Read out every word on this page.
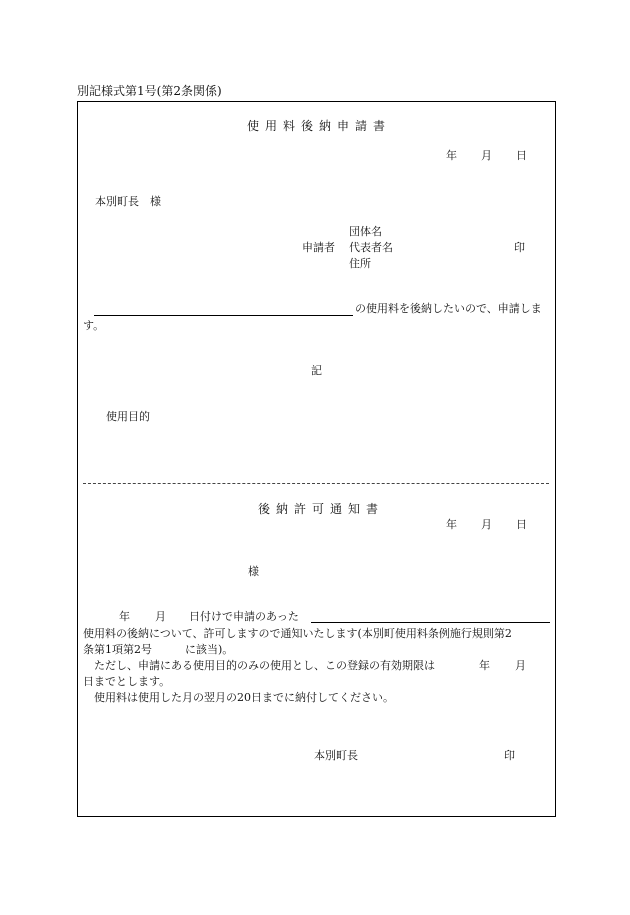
別記様式第1号(第2条関係)
使用料後納申請書
年 月 日
本別町長　様
団体名
申請者 代表者名	印
住所
の使用料を後納したいので、申請しま
す。
記
使用目的
後納許可通知書
年 月 日
様
年 月 日付けで申請のあった
使用料の後納について、許可しますので通知いたします(本別町使用料条例施行規則第2
条第1項第2号　　　に該当)。
ただし、申請にある使用目的のみの使用とし、この登録の有効期限は	年 月
日までとします。
使用料は使用した月の翌月の20日までに納付してください。
本別町長	印
